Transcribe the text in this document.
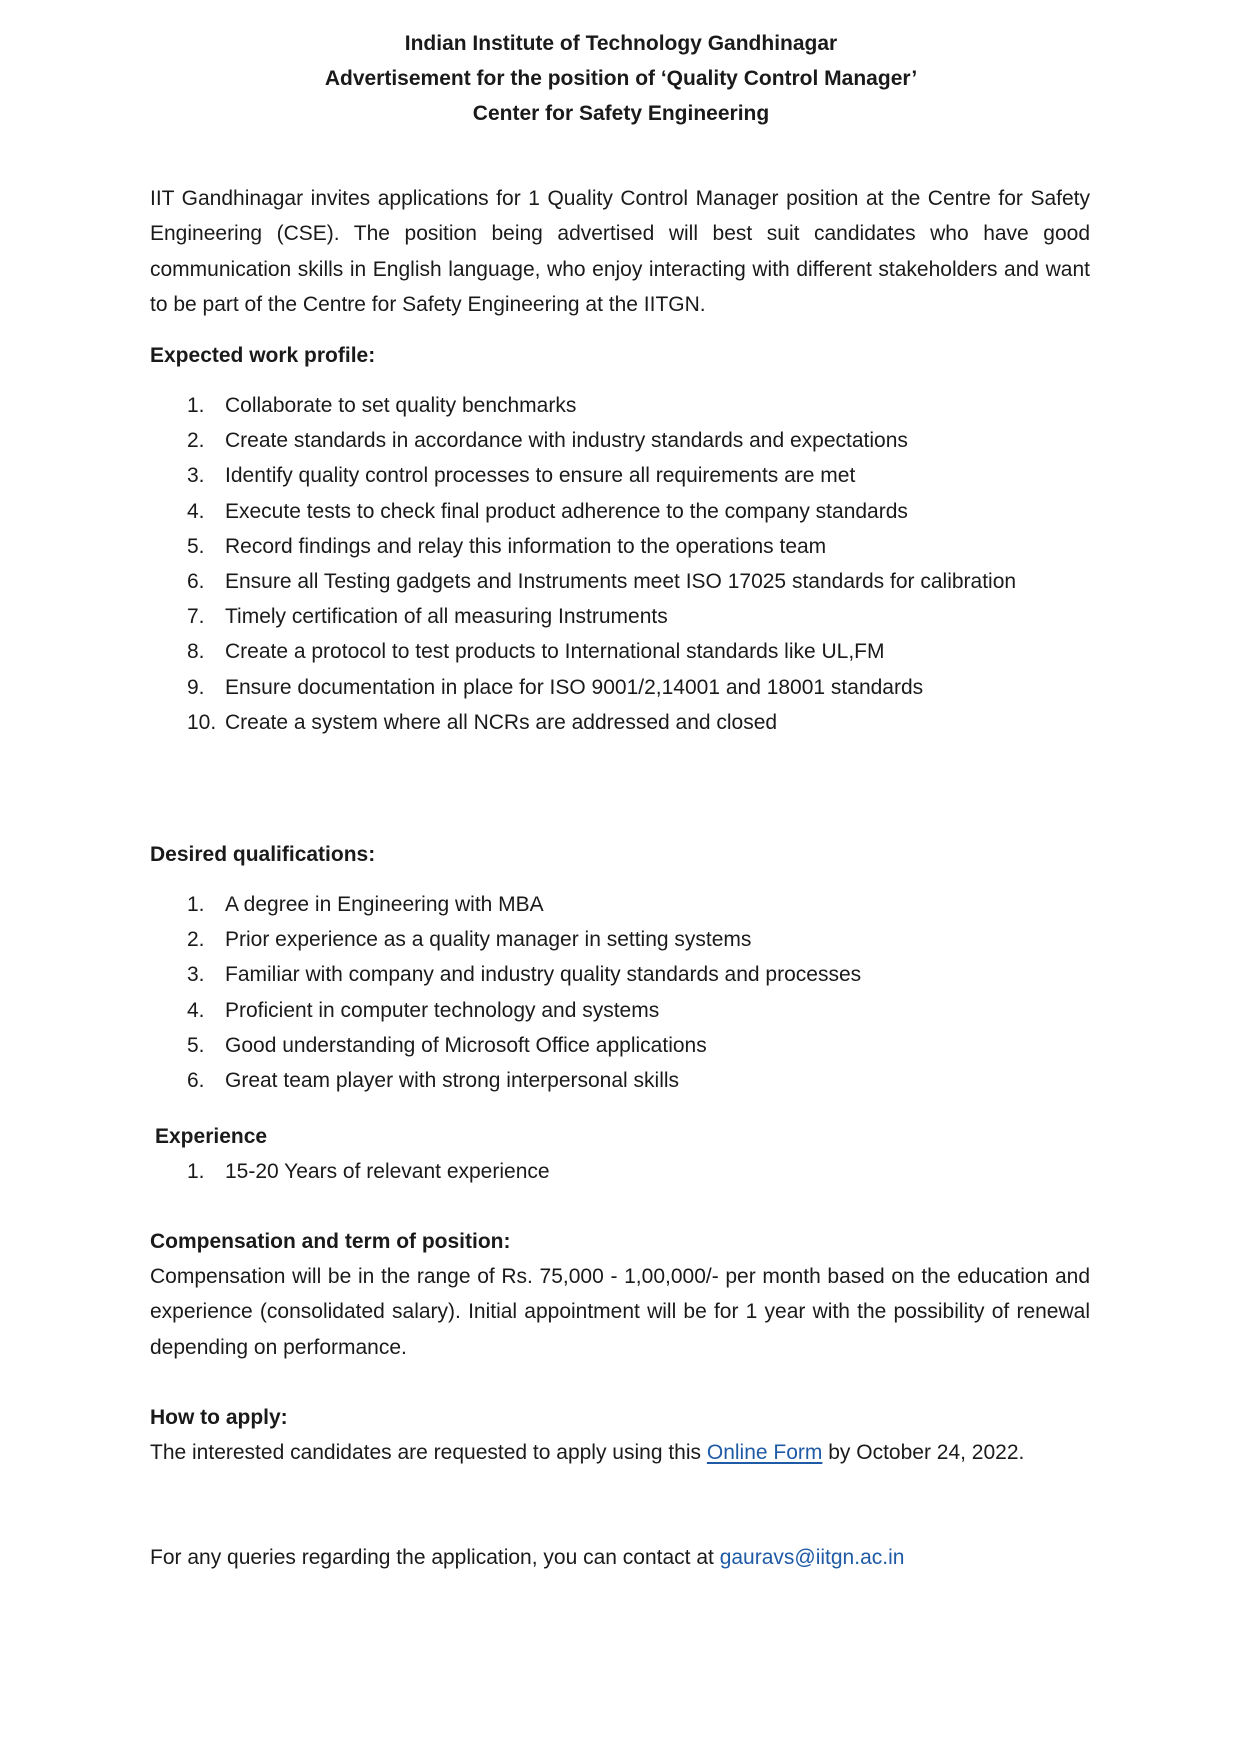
Indian Institute of Technology Gandhinagar
Advertisement for the position of ‘Quality Control Manager’
Center for Safety Engineering

IIT Gandhinagar invites applications for 1 Quality Control Manager position at the Centre for Safety Engineering (CSE). The position being advertised will best suit candidates who have good communication skills in English language, who enjoy interacting with different stakeholders and want to be part of the Centre for Safety Engineering at the IITGN.

Expected work profile:

1. Collaborate to set quality benchmarks
2. Create standards in accordance with industry standards and expectations
3. Identify quality control processes to ensure all requirements are met
4. Execute tests to check final product adherence to the company standards
5. Record findings and relay this information to the operations team
6. Ensure all Testing gadgets and Instruments meet ISO 17025 standards for calibration
7. Timely certification of all measuring Instruments
8. Create a protocol to test products to International standards like UL,FM
9. Ensure documentation in place for ISO 9001/2,14001 and 18001 standards
10. Create a system where all NCRs are addressed and closed

Desired qualifications:

1. A degree in Engineering with MBA
2. Prior experience as a quality manager in setting systems
3. Familiar with company and industry quality standards and processes
4. Proficient in computer technology and systems
5. Good understanding of Microsoft Office applications
6. Great team player with strong interpersonal skills

Experience

1. 15-20 Years of relevant experience

Compensation and term of position:

Compensation will be in the range of Rs. 75,000 - 1,00,000/- per month based on the education and experience (consolidated salary). Initial appointment will be for 1 year with the possibility of renewal depending on performance.

How to apply:

The interested candidates are requested to apply using this Online Form by October 24, 2022.

For any queries regarding the application, you can contact at gauravs@iitgn.ac.in
